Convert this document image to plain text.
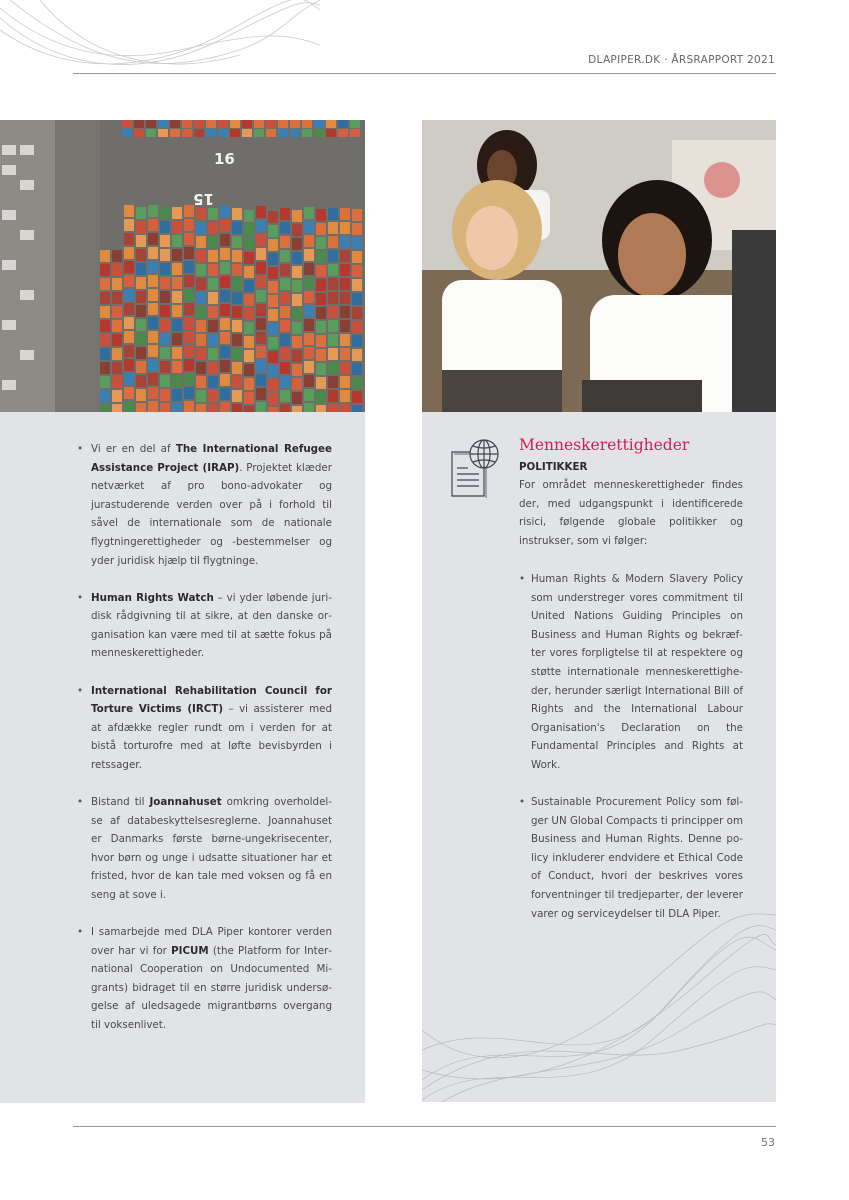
DLAPIPER.DK · ÅRSRAPPORT 2021
16
15
• Vi er en del af The International Refugee Assistance Project (IRAP). Projektet klæder netværket af pro bono-advokater og jurastuderende verden over på i forhold til såvel de internationale som de nationale flygtningerettigheder og -bestemmelser og yder juridisk hjælp til flygtninge.
• Human Rights Watch – vi yder løbende juridisk rådgivning til at sikre, at den danske organisation kan være med til at sætte fokus på menneskerettigheder.
• International Rehabilitation Council for Torture Victims (IRCT) – vi assisterer med at afdække regler rundt om i verden for at bistå torturofre med at løfte bevisbyrden i retssager.
• Bistand til Joannahuset omkring overholdelse af databeskyttelsesreglerne. Joannahuset er Danmarks første børne-ungekrisecenter, hvor børn og unge i udsatte situationer har et fristed, hvor de kan tale med voksen og få en seng at sove i.
• I samarbejde med DLA Piper kontorer verden over har vi for PICUM (the Platform for International Cooperation on Undocumented Migrants) bidraget til en større juridisk undersøgelse af uledsagede migrantbørns overgang til voksenlivet.
Menneskerettigheder
POLITIKKER

For området menneskerettigheder findes der, med udgangspunkt i identificerede risici, følgende globale politikker og instrukser, som vi følger:

• Human Rights & Modern Slavery Policy som understreger vores commitment til United Nations Guiding Principles on Business and Human Rights og bekræfter vores forpligtelse til at respektere og støtte internationale menneskerettigheder, herunder særligt International Bill of Rights and the International Labour Organisation's Declaration on the Fundamental Principles and Rights at Work.
• Sustainable Procurement Policy som følger UN Global Compacts ti principper om Business and Human Rights. Denne policy inkluderer endvidere et Ethical Code of Conduct, hvori der beskrives vores forventninger til tredjeparter, der leverer varer og serviceydelser til DLA Piper.
53
